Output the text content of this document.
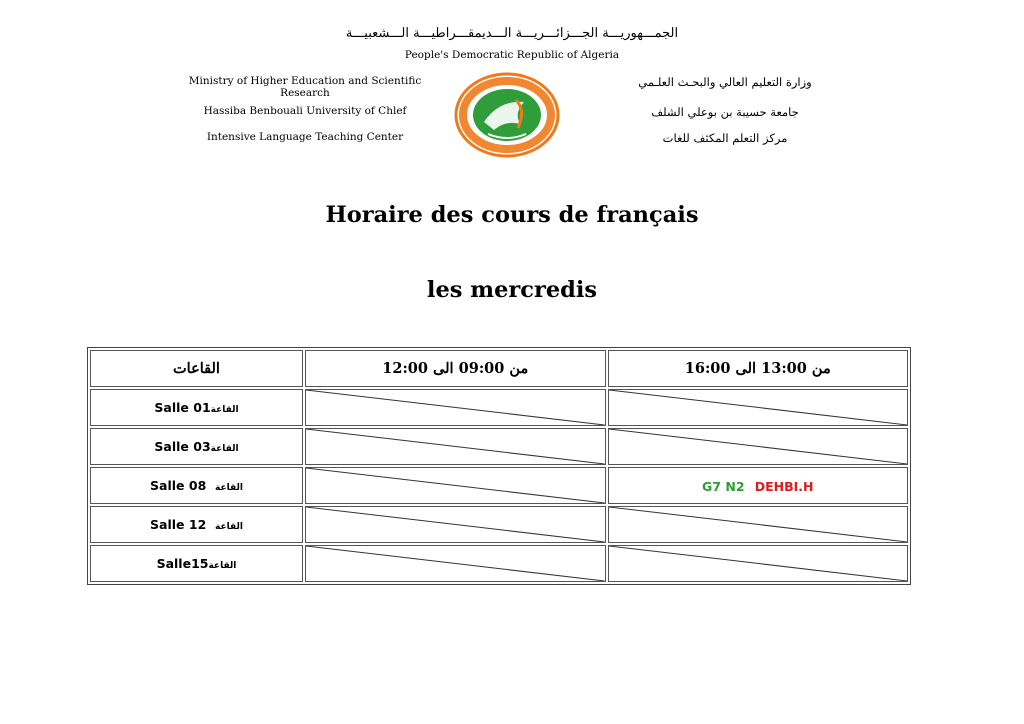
الجمـــهوريـــة الجـــزائـــريـــة الـــديمقـــراطيـــة الـــشعبيـــة
People's Democratic Republic of Algeria
Ministry of Higher Education and Scientific Research
Hassiba Benbouali University of Chlef
Intensive Language Teaching Center
وزارة التعليم العالي والبحـث العلـمي
جامعة حسيبة بن بوعلي الشلف
مركز التعلم المكثف للغات
Horaire des cours de français
les mercredis
القاعات	من 09:00 الى 12:00	من 13:00 الى 16:00
Salle 01القاعة	

Salle 03القاعة	

Salle 08 القاعة		G7 N2 DEHBI.H
Salle 12 القاعة	

Salle15القاعة	
